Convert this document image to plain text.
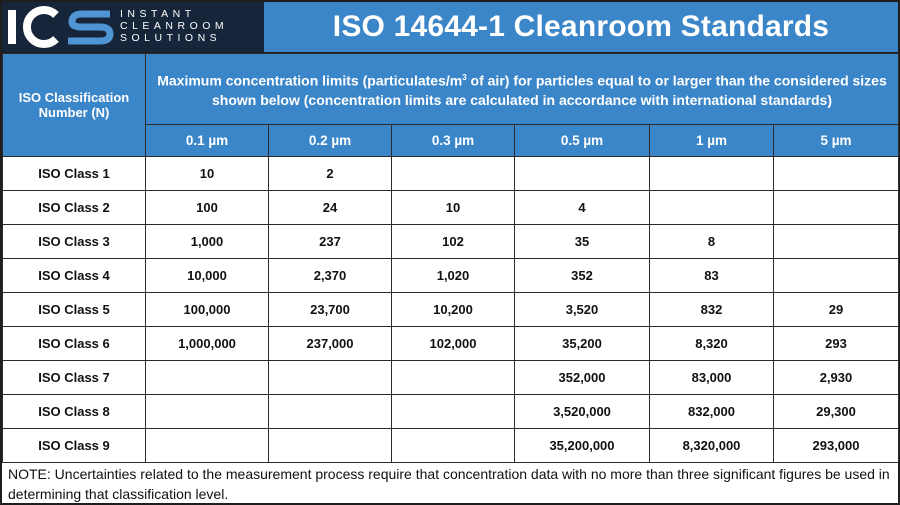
INSTANT
CLEANROOM
SOLUTIONS	ISO 14644-1 Cleanroom Standards
ISO Classification Number (N)	Maximum concentration limits ($particulates/m^3$ of air) for particles equal to or larger than the considered sizes shown below (concentration limits are calculated in accordance with international standards)					
	0.1 µm	0.2 µm	0.3 µm	0.5 µm	1 µm	5 µm
ISO Class 1	10	2				
ISO Class 2	100	24	10	4		
ISO Class 3	1,000	237	102	35	8	
ISO Class 4	10,000	2,370	1,020	352	83	
ISO Class 5	100,000	23,700	10,200	3,520	832	29
ISO Class 6	1,000,000	237,000	102,000	35,200	8,320	293
ISO Class 7				352,000	83,000	2,930
ISO Class 8				3,520,000	832,000	29,300
ISO Class 9				35,200,000	8,320,000	293,000
NOTE: Uncertainties related to the measurement process require that concentration data with no more than three significant figures be used in determining that classification level.
